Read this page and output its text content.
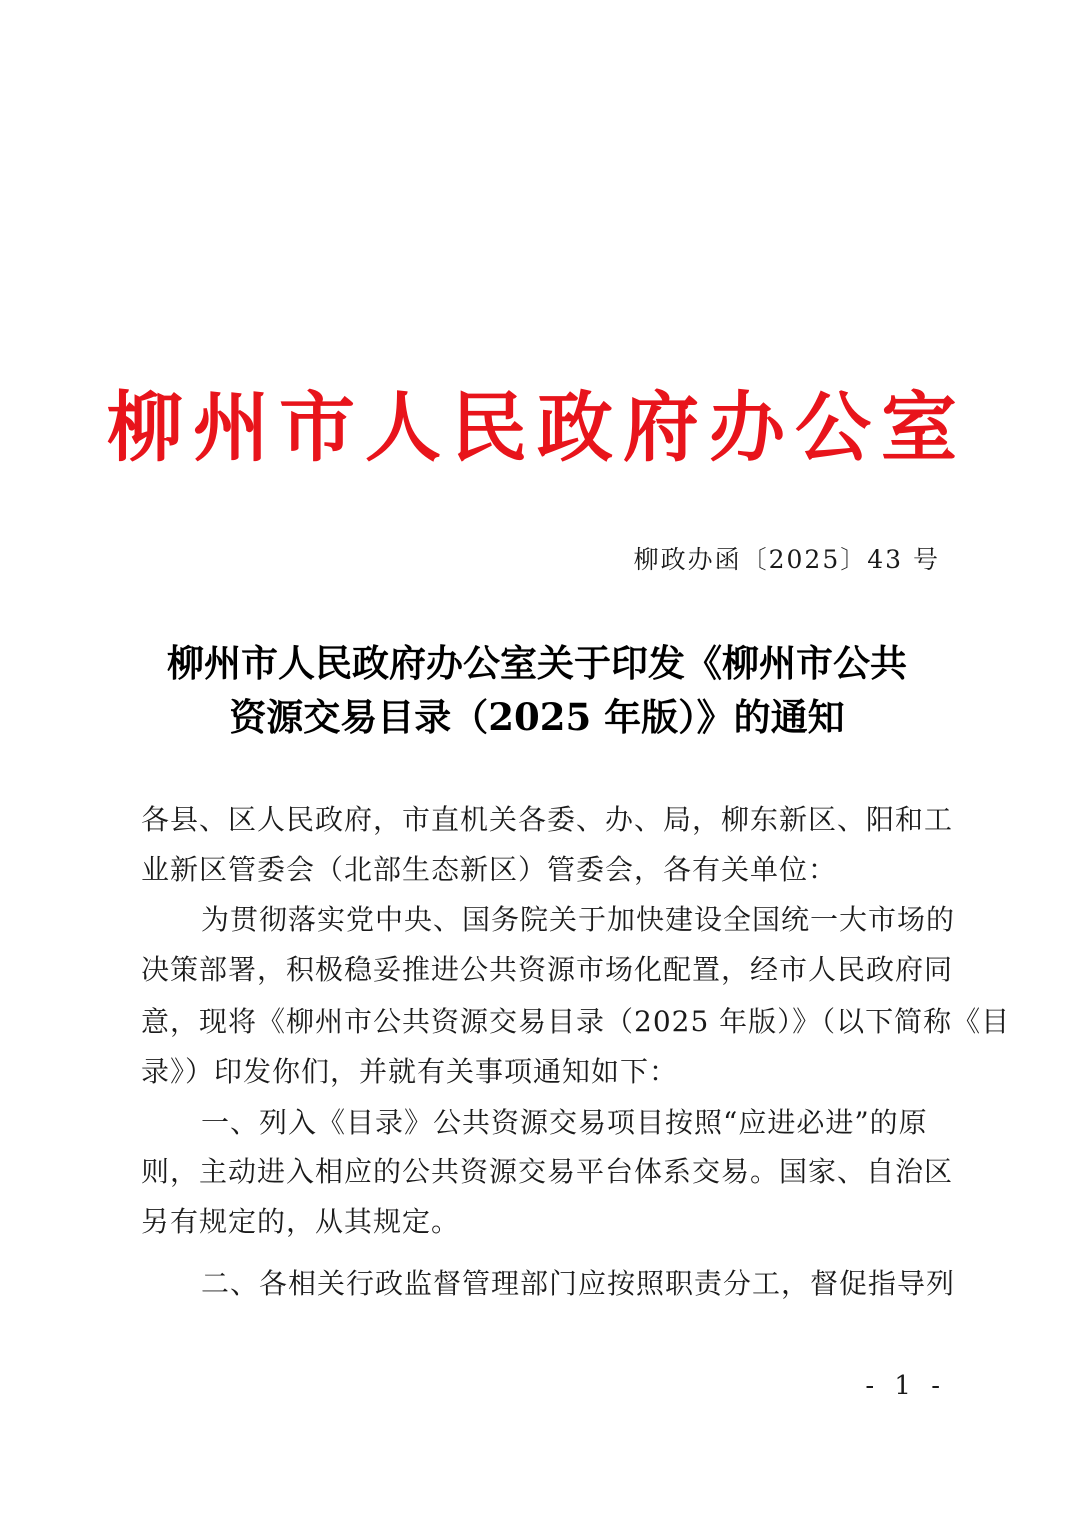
柳州市人民政府办公室
柳政办函〔2025〕43 号
柳州市人民政府办公室关于印发《柳州市公共
资源交易目录（2025 年版）》的通知
各县、区人民政府，市直机关各委、办、局，柳东新区、阳和工
业新区管委会（北部生态新区）管委会，各有关单位：
为贯彻落实党中央、国务院关于加快建设全国统一大市场的
决策部署，积极稳妥推进公共资源市场化配置，经市人民政府同
意，现将《柳州市公共资源交易目录（2025 年版）》（以下简称《目
录》）印发你们，并就有关事项通知如下：
一、列入《目录》公共资源交易项目按照“应进必进”的原
则，主动进入相应的公共资源交易平台体系交易。国家、自治区
另有规定的，从其规定。
二、各相关行政监督管理部门应按照职责分工，督促指导列
- 1 -
